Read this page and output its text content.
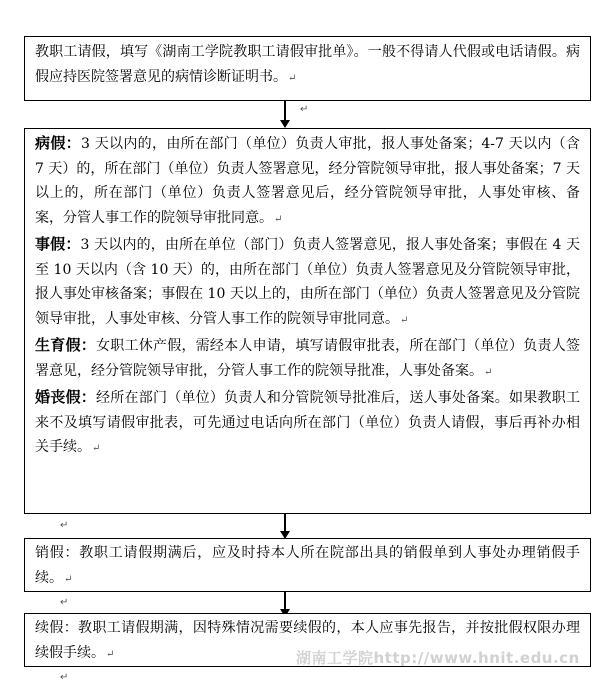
教职工请假，填写《湖南工学院教职工请假审批单》。一般不得请人代假或电话请假。病假应持医院签署意见的病情诊断证明书。↵
↵
病假：3 天以内的，由所在部门（单位）负责人审批，报人事处备案；4-7 天以内（含 7 天）的，所在部门（单位）负责人签署意见，经分管院领导审批，报人事处备案；7 天以上的，所在部门（单位）负责人签署意见后，经分管院领导审批，人事处审核、备案，分管人事工作的院领导审批同意。↵
事假：3 天以内的，由所在单位（部门）负责人签署意见，报人事处备案；事假在 4 天至 10 天以内（含 10 天）的，由所在部门（单位）负责人签署意见及分管院领导审批，报人事处审核备案；事假在 10 天以上的，由所在部门（单位）负责人签署意见及分管院领导审批，人事处审核、分管人事工作的院领导审批同意。↵
生育假：女职工休产假，需经本人申请，填写请假审批表，所在部门（单位）负责人签署意见，经分管院领导审批，分管人事工作的院领导批准，人事处备案。↵
婚丧假：经所在部门（单位）负责人和分管院领导批准后，送人事处备案。如果教职工来不及填写请假审批表，可先通过电话向所在部门（单位）负责人请假，事后再补办相关手续。↵
↵
销假：教职工请假期满后，应及时持本人所在院部出具的销假单到人事处办理销假手续。↵
↵
续假：教职工请假期满，因特殊情况需要续假的，本人应事先报告，并按批假权限办理续假手续。↵
↵
湖南工学院http://www.hnit.edu.cn
